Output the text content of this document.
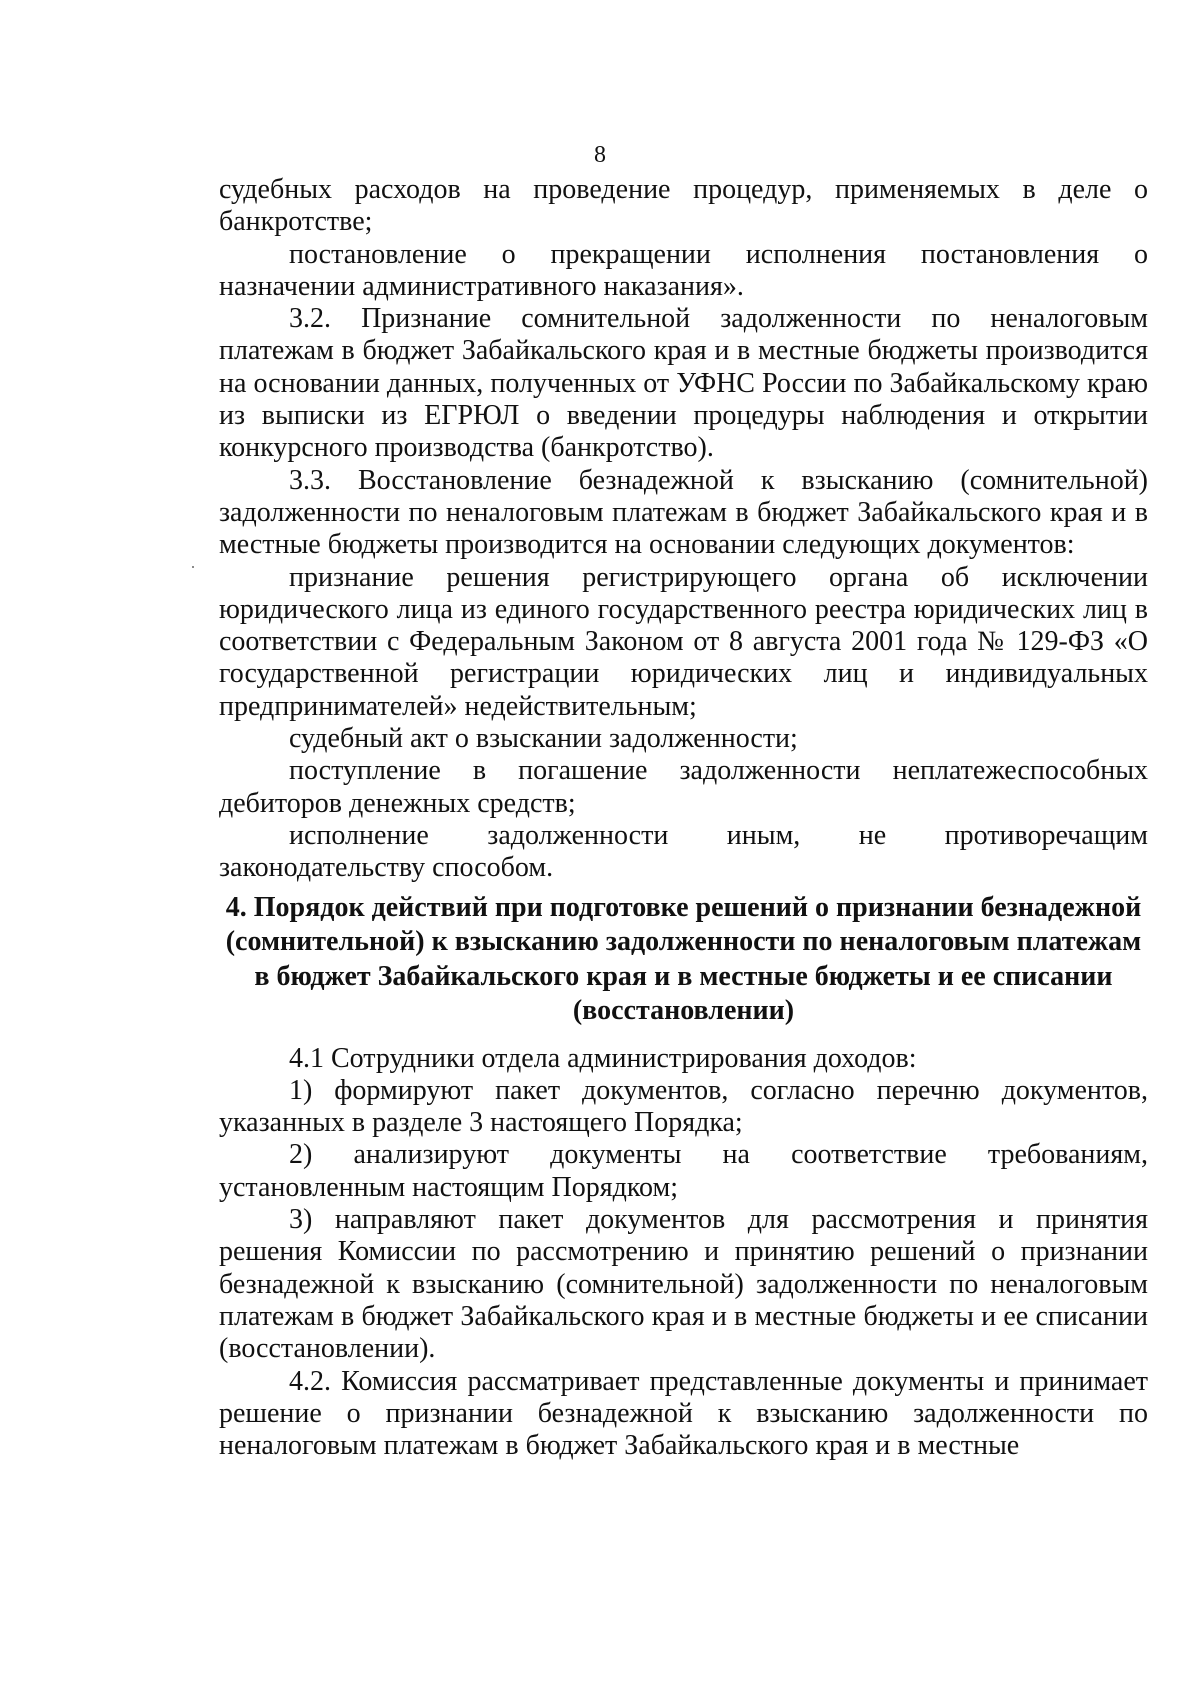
8

судебных расходов на проведение процедур, применяемых в деле о банкротстве;

постановление о прекращении исполнения постановления о назначении административного наказания».

3.2. Признание сомнительной задолженности по неналоговым платежам в бюджет Забайкальского края и в местные бюджеты производится на основании данных, полученных от УФНС России по Забайкальскому краю из выписки из ЕГРЮЛ о введении процедуры наблюдения и открытии конкурсного производства (банкротство).

3.3. Восстановление безнадежной к взысканию (сомнительной) задолженности по неналоговым платежам в бюджет Забайкальского края и в местные бюджеты производится на основании следующих документов:

признание решения регистрирующего органа об исключении юридического лица из единого государственного реестра юридических лиц в соответствии с Федеральным Законом от 8 августа 2001 года № 129-ФЗ «О государственной регистрации юридических лиц и индивидуальных предпринимателей» недействительным;

судебный акт о взыскании задолженности;

поступление в погашение задолженности неплатежеспособных дебиторов денежных средств;

исполнение задолженности иным, не противоречащим законодательству способом.

4. Порядок действий при подготовке решений о признании безнадежной (сомнительной) к взысканию задолженности по неналоговым платежам в бюджет Забайкальского края и в местные бюджеты и ее списании (восстановлении)

4.1 Сотрудники отдела администрирования доходов:

1) формируют пакет документов, согласно перечню документов, указанных в разделе 3 настоящего Порядка;

2) анализируют документы на соответствие требованиям, установленным настоящим Порядком;

3) направляют пакет документов для рассмотрения и принятия решения Комиссии по рассмотрению и принятию решений о признании безнадежной к взысканию (сомнительной) задолженности по неналоговым платежам в бюджет Забайкальского края и в местные бюджеты и ее списании (восстановлении).

4.2. Комиссия рассматривает представленные документы и принимает решение о признании безнадежной к взысканию задолженности по неналоговым платежам в бюджет Забайкальского края и в местные
